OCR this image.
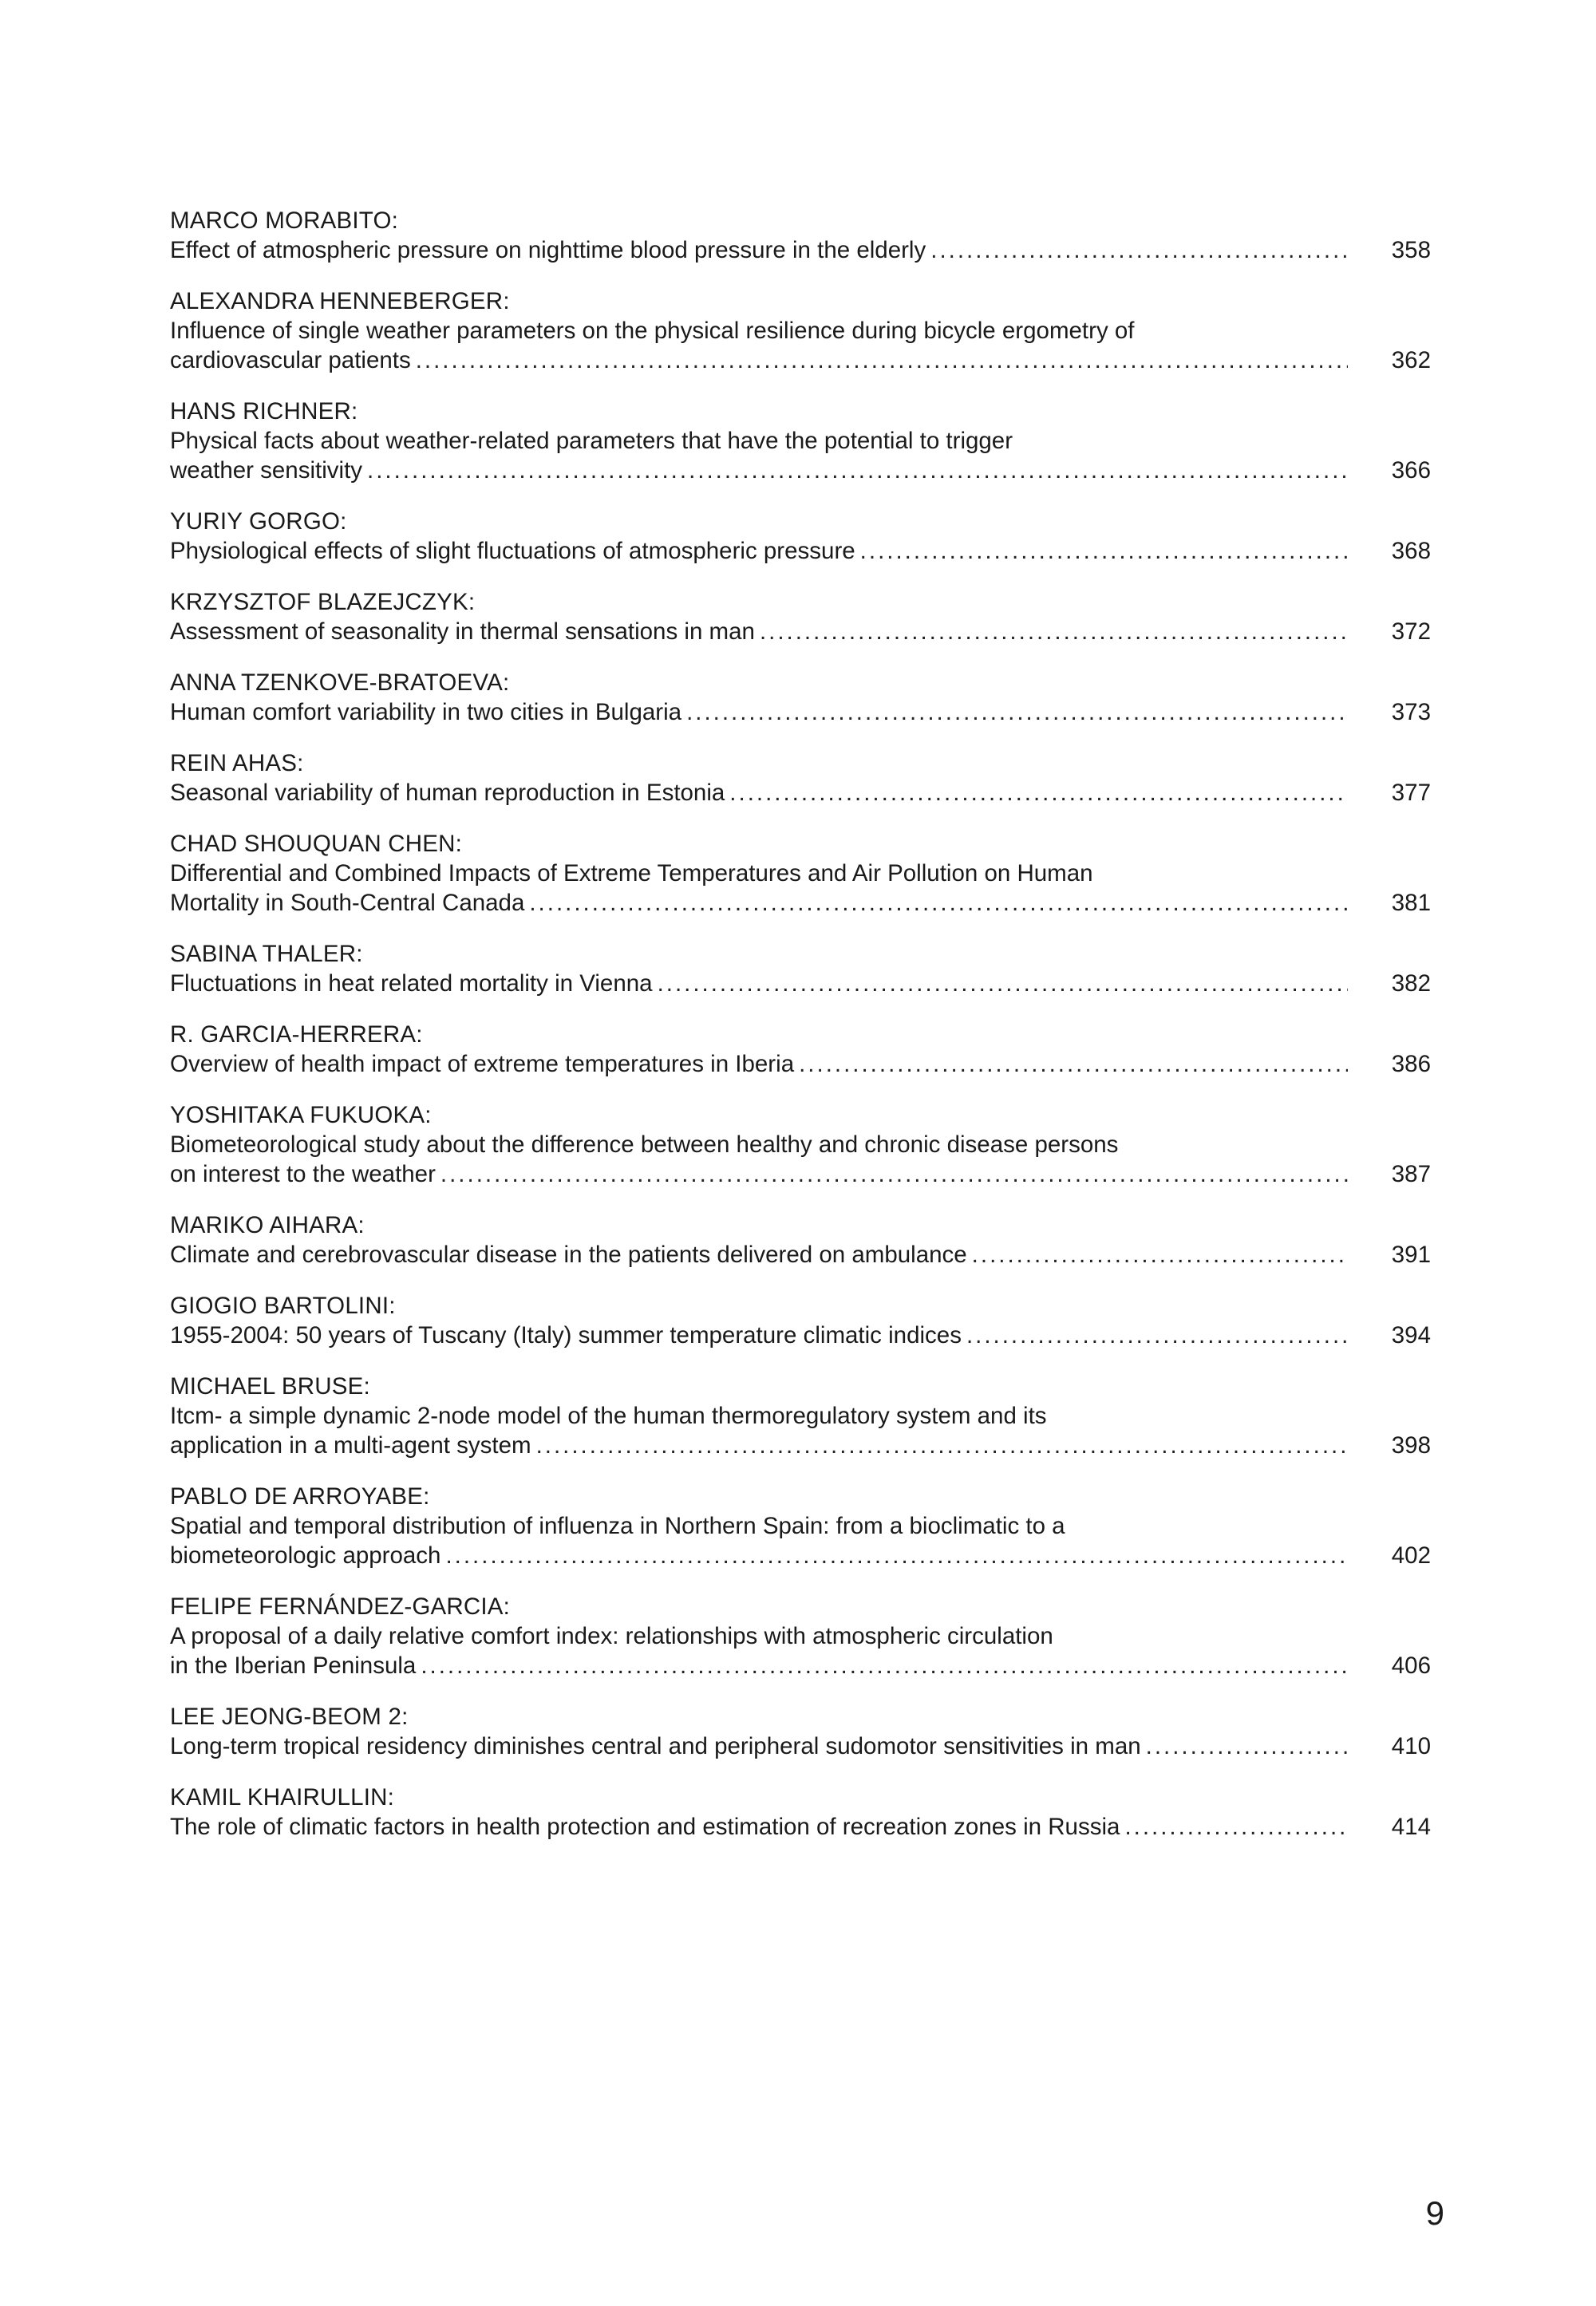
MARCO MORABITO:
Effect of atmospheric pressure on nighttime blood pressure in the elderly .....	358
ALEXANDRA HENNEBERGER:
Influence of single weather parameters on the physical resilience during bicycle ergometry of
cardiovascular patients .....	362
HANS RICHNER:
Physical facts about weather-related parameters that have the potential to trigger
weather sensitivity .....	366
YURIY GORGO:
Physiological effects of slight fluctuations of atmospheric pressure .....	368
KRZYSZTOF BLAZEJCZYK:
Assessment of seasonality in thermal sensations in man .....	372
ANNA TZENKOVE-BRATOEVA:
Human comfort variability in two cities in Bulgaria .....	373
REIN AHAS:
Seasonal variability of human reproduction in Estonia .....	377
CHAD SHOUQUAN CHEN:
Differential and Combined Impacts of Extreme Temperatures and Air Pollution on Human
Mortality in South-Central Canada .....	381
SABINA THALER:
Fluctuations in heat related mortality in Vienna .....	382
R. GARCIA-HERRERA:
Overview of health impact of extreme temperatures in Iberia .....	386
YOSHITAKA FUKUOKA:
Biometeorological study about the difference between healthy and chronic disease persons
on interest to the weather .....	387
MARIKO AIHARA:
Climate and cerebrovascular disease in the patients delivered on ambulance .....	391
GIOGIO BARTOLINI:
1955-2004: 50 years of Tuscany (Italy) summer temperature climatic indices .....	394
MICHAEL BRUSE:
Itcm- a simple dynamic 2-node model of the human thermoregulatory system and its
application in a multi-agent system .....	398
PABLO DE ARROYABE:
Spatial and temporal distribution of influenza in Northern Spain: from a bioclimatic to a
biometeorologic approach .....	402
FELIPE FERNÁNDEZ-GARCIA:
A proposal of a daily relative comfort index: relationships with atmospheric circulation
in the Iberian Peninsula .....	406
LEE JEONG-BEOM 2:
Long-term tropical residency diminishes central and peripheral sudomotor sensitivities in man .....	410
KAMIL KHAIRULLIN:
The role of climatic factors in health protection and estimation of recreation zones in Russia .....	414
9
